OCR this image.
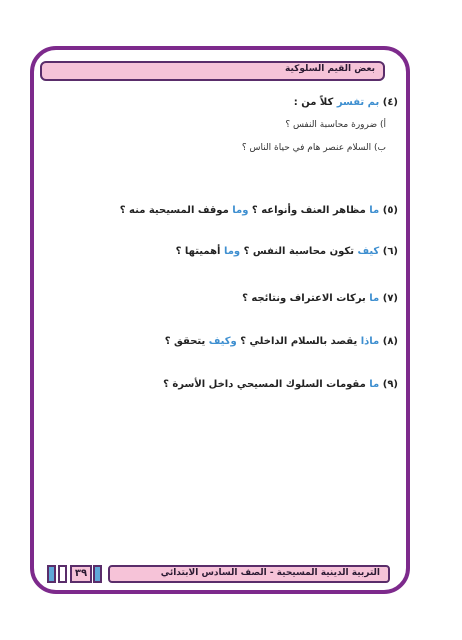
بعض القيم السلوكية
(٤) بم تفسر كلاً من :
أ) ضرورة محاسبة النفس ؟
ب) السلام عنصر هام في حياة الناس ؟
(٥) ما مظاهر العنف وأنواعه ؟ وما موقف المسيحية منه ؟
(٦) كيف تكون محاسبة النفس ؟ وما أهميتها ؟
(٧) ما بركات الاعتراف ونتائجه ؟
(٨) ماذا يقصد بالسلام الداخلي ؟ وكيف يتحقق ؟
(٩) ما مقومات السلوك المسيحي داخل الأسرة ؟
٣٩	التربية الدينية المسيحية - الصف السادس الابتدائي
